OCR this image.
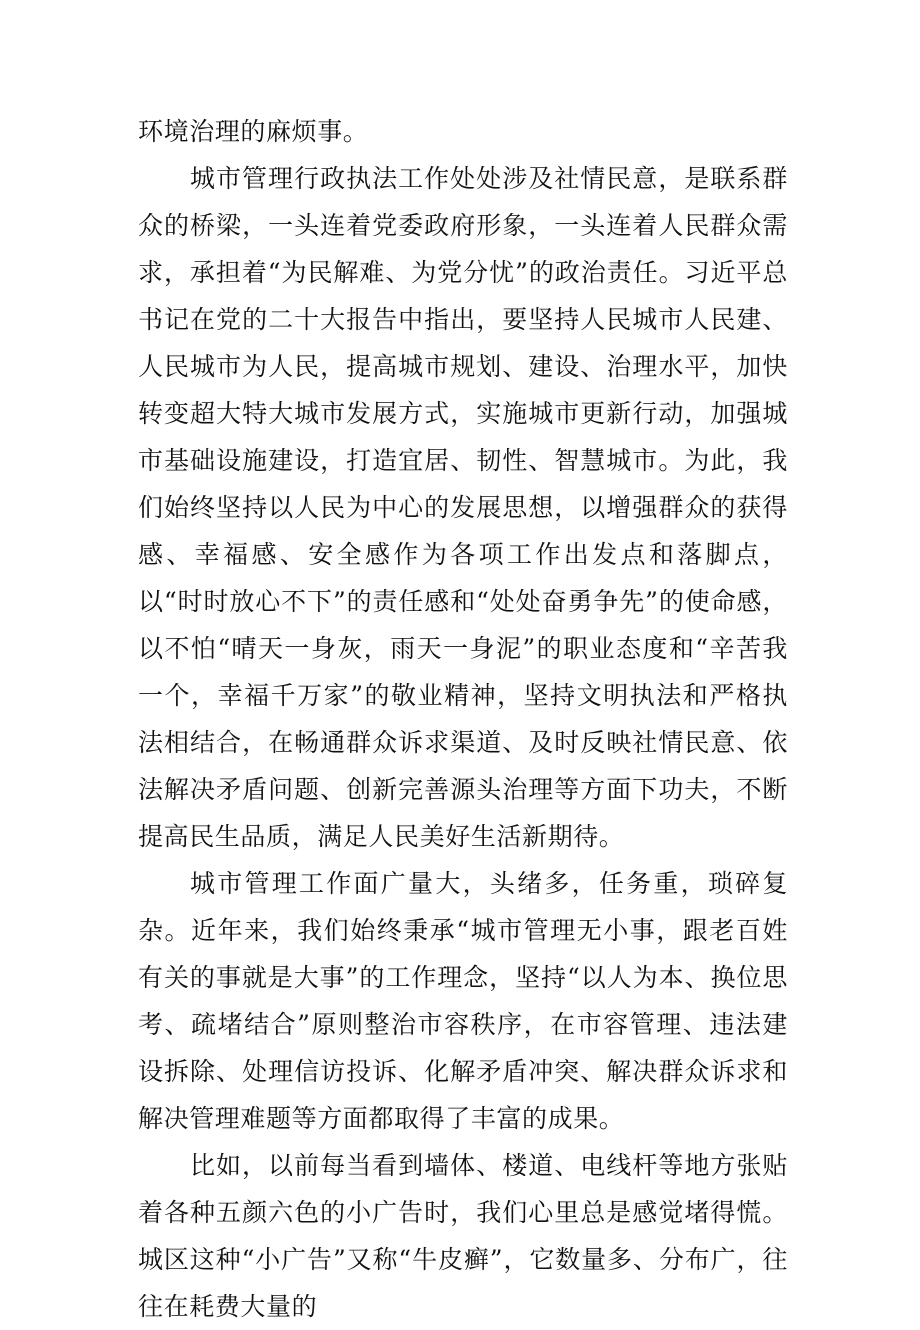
环境治理的麻烦事。

城市管理行政执法工作处处涉及社情民意，是联系群众的桥梁，一头连着党委政府形象，一头连着人民群众需求，承担着“为民解难、为党分忧”的政治责任。习近平总书记在党的二十大报告中指出，要坚持人民城市人民建、人民城市为人民，提高城市规划、建设、治理水平，加快转变超大特大城市发展方式，实施城市更新行动，加强城市基础设施建设，打造宜居、韧性、智慧城市。为此，我们始终坚持以人民为中心的发展思想，以增强群众的获得感、幸福感、安全感作为各项工作出发点和落脚点，以“时时放心不下”的责任感和“处处奋勇争先”的使命感，以不怕“晴天一身灰，雨天一身泥”的职业态度和“辛苦我一个，幸福千万家”的敬业精神，坚持文明执法和严格执法相结合，在畅通群众诉求渠道、及时反映社情民意、依法解决矛盾问题、创新完善源头治理等方面下功夫，不断提高民生品质，满足人民美好生活新期待。

城市管理工作面广量大，头绪多，任务重，琐碎复杂。近年来，我们始终秉承“城市管理无小事，跟老百姓有关的事就是大事”的工作理念，坚持“以人为本、换位思考、疏堵结合”原则整治市容秩序，在市容管理、违法建设拆除、处理信访投诉、化解矛盾冲突、解决群众诉求和解决管理难题等方面都取得了丰富的成果。

比如，以前每当看到墙体、楼道、电线杆等地方张贴着各种五颜六色的小广告时，我们心里总是感觉堵得慌。城区这种“小广告”又称“牛皮癣”，它数量多、分布广，往往在耗费大量的
